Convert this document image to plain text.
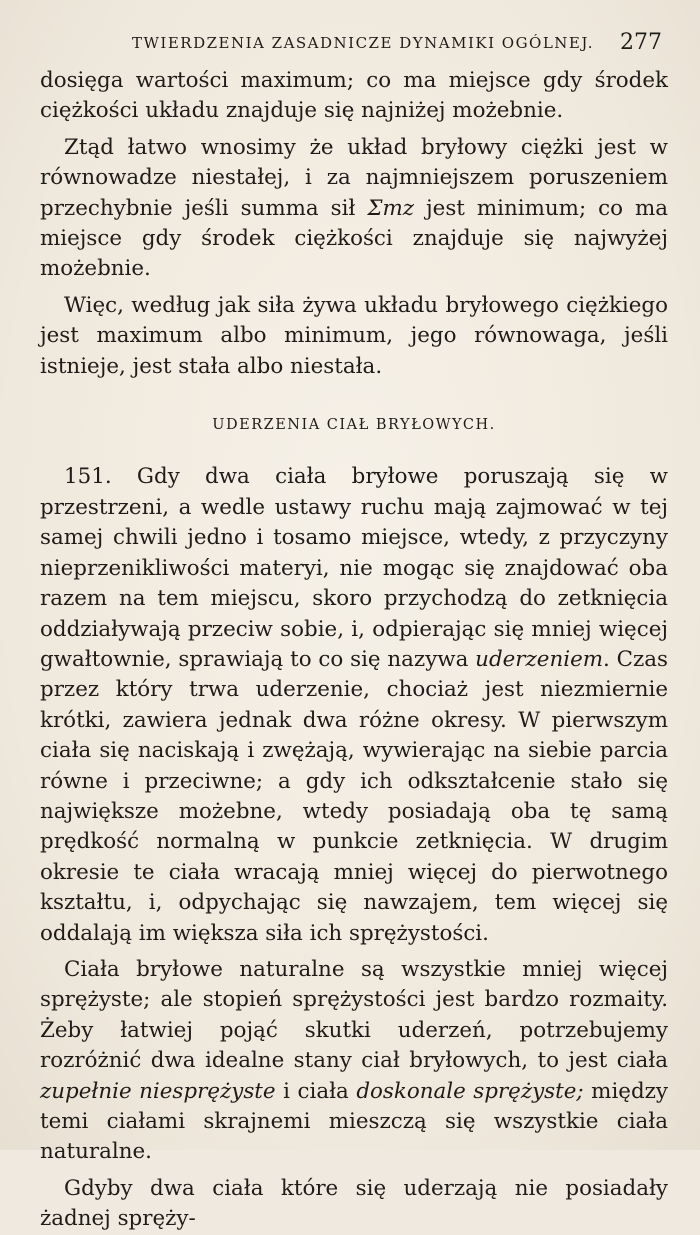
TWIERDZENIA ZASADNICZE DYNAMIKI OGÓLNEJ. 277

dosięga wartości maximum; co ma miejsce gdy środek ciężkości układu znajduje się najniżej możebnie.

Ztąd łatwo wnosimy że układ bryłowy ciężki jest w równowadze niestałej, i za najmniejszem poruszeniem przechybnie jeśli summa sił Σmz jest minimum; co ma miejsce gdy środek ciężkości znajduje się najwyżej możebnie.

Więc, według jak siła żywa układu bryłowego ciężkiego jest maximum albo minimum, jego równowaga, jeśli istnieje, jest stała albo niestała.

UDERZENIA CIAŁ BRYŁOWYCH.

151. Gdy dwa ciała bryłowe poruszają się w przestrzeni, a wedle ustawy ruchu mają zajmować w tej samej chwili jedno i tosamo miejsce, wtedy, z przyczyny nieprzenikliwości materyi, nie mogąc się znajdować oba razem na tem miejscu, skoro przychodzą do zetknięcia oddziaływają przeciw sobie, i, odpierając się mniej więcej gwałtownie, sprawiają to co się nazywa uderzeniem. Czas przez który trwa uderzenie, chociaż jest niezmiernie krótki, zawiera jednak dwa różne okresy. W pierwszym ciała się naciskają i zwężają, wywierając na siebie parcia równe i przeciwne; a gdy ich odkształcenie stało się największe możebne, wtedy posiadają oba tę samą prędkość normalną w punkcie zetknięcia. W drugim okresie te ciała wracają mniej więcej do pierwotnego kształtu, i, odpychając się nawzajem, tem więcej się oddalają im większa siła ich sprężystości.

Ciała bryłowe naturalne są wszystkie mniej więcej sprężyste; ale stopień sprężystości jest bardzo rozmaity. Żeby łatwiej pojąć skutki uderzeń, potrzebujemy rozróżnić dwa idealne stany ciał bryłowych, to jest ciała zupełnie niesprężyste i ciała doskonale sprężyste; między temi ciałami skrajnemi mieszczą się wszystkie ciała naturalne.

Gdyby dwa ciała które się uderzają nie posiadały żadnej spręży-
